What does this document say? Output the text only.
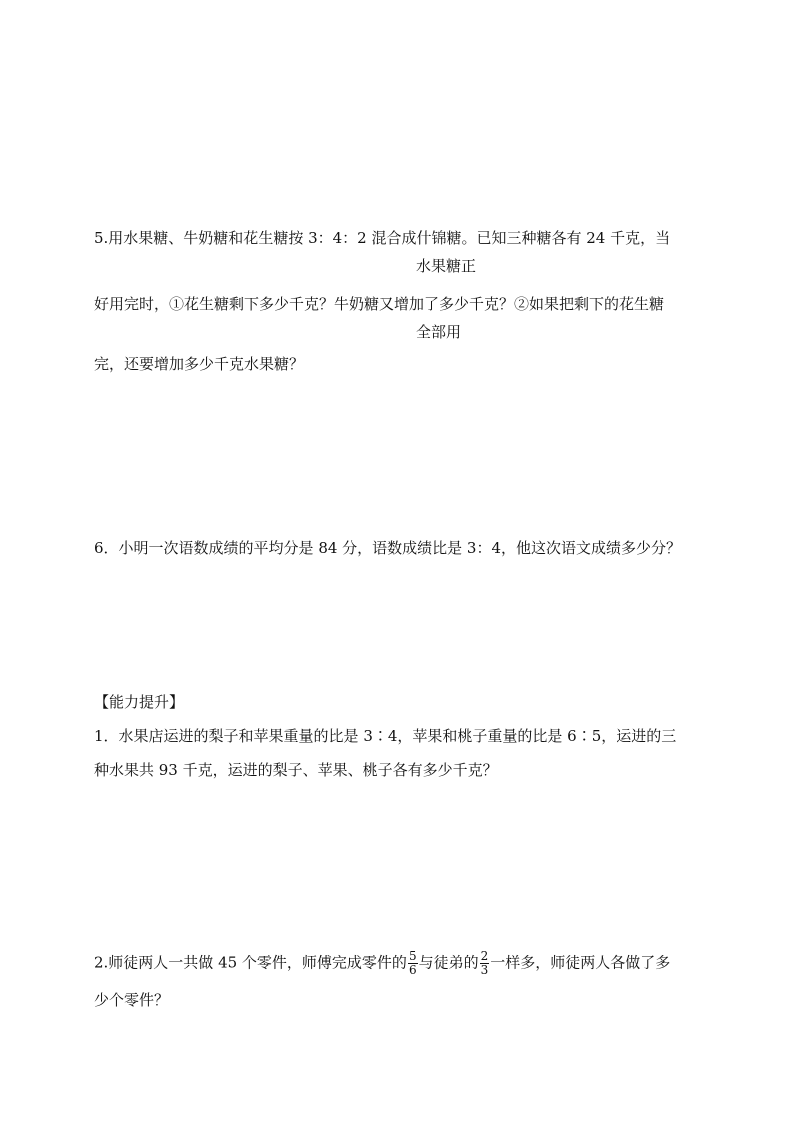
5.用水果糖、牛奶糖和花生糖按 3：4：2 混合成什锦糖。已知三种糖各有 24 千克，当
水果糖正
好用完时，①花生糖剩下多少千克？牛奶糖又增加了多少千克？②如果把剩下的花生糖
全部用
完，还要增加多少千克水果糖？
6．小明一次语数成绩的平均分是 84 分，语数成绩比是 3：4，他这次语文成绩多少分？
【能力提升】
1．水果店运进的梨子和苹果重量的比是 3∶4，苹果和桃子重量的比是 6∶5，运进的三
种水果共 93 千克，运进的梨子、苹果、桃子各有多少千克？
2.师徒两人一共做 45 个零件，师傅完成零件的 $\frac{5}{6}$ 与徒弟的 $\frac{2}{3}$ 一样多，师徒两人各做了多
少个零件？
